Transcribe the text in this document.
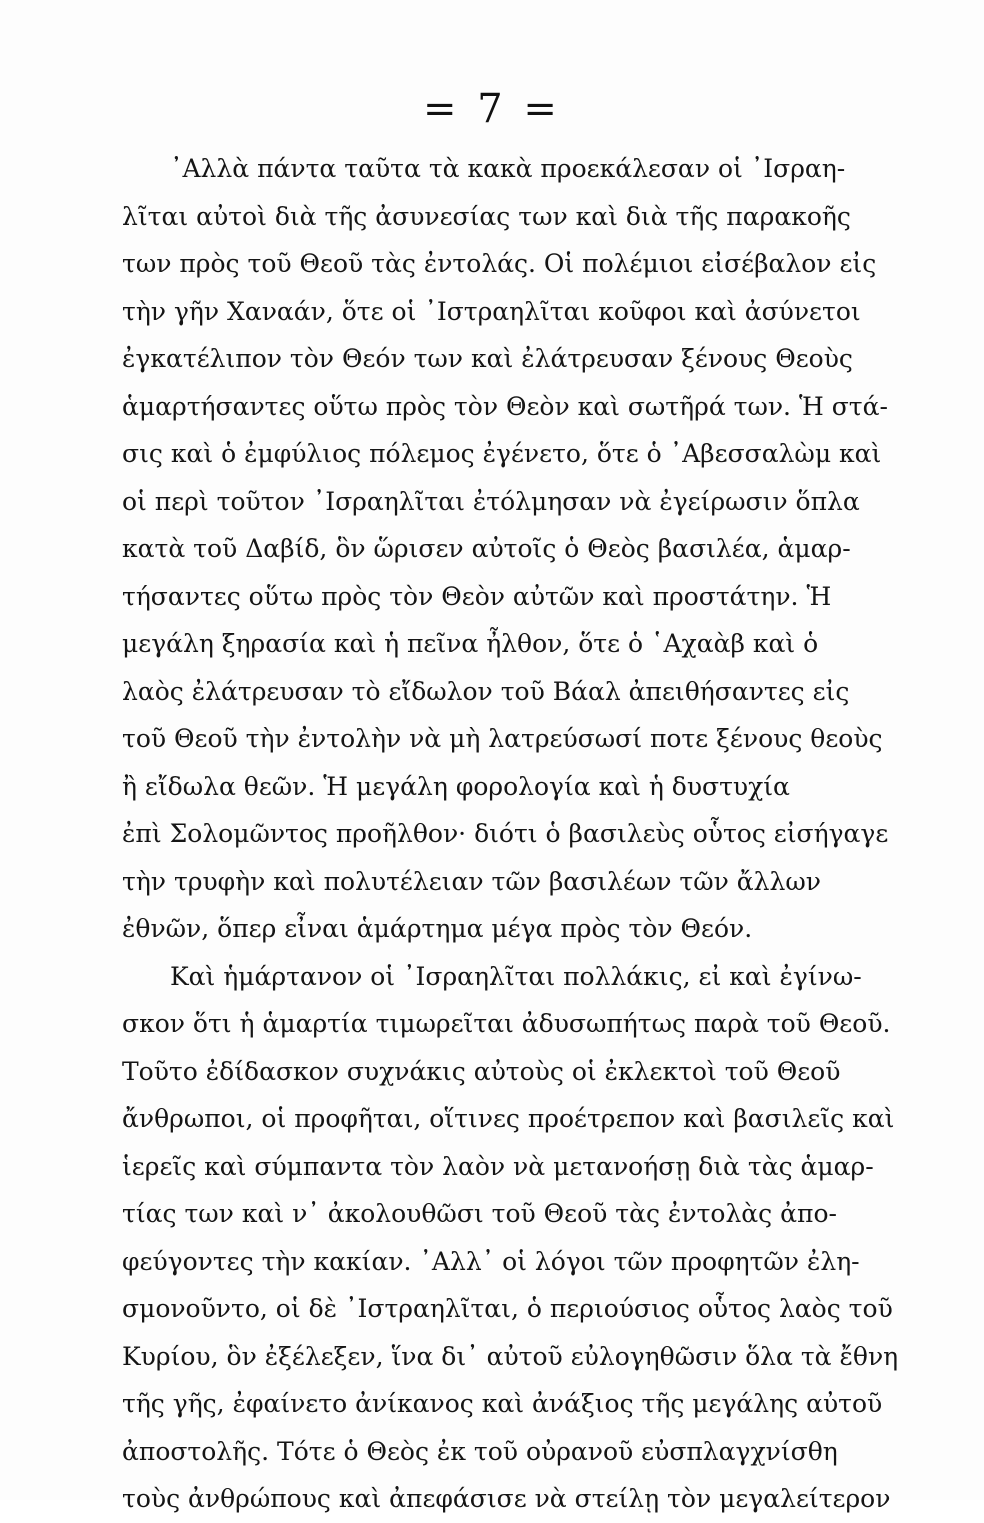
= 7 =
᾿Αλλὰ πάντα ταῦτα τὰ κακὰ προεκάλεσαν οἱ ᾿Ισραη-
λῖται αὐτοὶ διὰ τῆς ἀσυνεσίας των καὶ διὰ τῆς παρακοῆς
των πρὸς τοῦ Θεοῦ τὰς ἐντολάς. Οἱ πολέμιοι εἰσέβαλον εἰς
τὴν γῆν Χαναάν, ὅτε οἱ ᾿Ιστραηλῖται κοῦφοι καὶ ἀσύνετοι
ἐγκατέλιπον τὸν Θεόν των καὶ ἐλάτρευσαν ξένους Θεοὺς
ἁμαρτήσαντες οὕτω πρὸς τὸν Θεὸν καὶ σωτῆρά των. Ἡ στά-
σις καὶ ὁ ἐμφύλιος πόλεμος ἐγένετο, ὅτε ὁ ᾿Αβεσσαλὼμ καὶ
οἱ περὶ τοῦτον ᾿Ισραηλῖται ἐτόλμησαν νὰ ἐγείρωσιν ὅπλα
κατὰ τοῦ Δαβίδ, ὃν ὥρισεν αὐτοῖς ὁ Θεὸς βασιλέα, ἁμαρ-
τήσαντες οὕτω πρὸς τὸν Θεὸν αὐτῶν καὶ προστάτην. Ἡ
μεγάλη ξηρασία καὶ ἡ πεῖνα ἦλθον, ὅτε ὁ ῾Αχαὰβ καὶ ὁ
λαὸς ἐλάτρευσαν τὸ εἴδωλον τοῦ Βάαλ ἀπειθήσαντες εἰς
τοῦ Θεοῦ τὴν ἐντολὴν νὰ μὴ λατρεύσωσί ποτε ξένους θεοὺς
ἢ εἴδωλα θεῶν. Ἡ μεγάλη φορολογία καὶ ἡ δυστυχία
ἐπὶ Σολομῶντος προῆλθον· διότι ὁ βασιλεὺς οὗτος εἰσήγαγε
τὴν τρυφὴν καὶ πολυτέλειαν τῶν βασιλέων τῶν ἄλλων
ἐθνῶν, ὅπερ εἶναι ἁμάρτημα μέγα πρὸς τὸν Θεόν.
Καὶ ἡμάρτανον οἱ ᾿Ισραηλῖται πολλάκις, εἰ καὶ ἐγίνω-
σκον ὅτι ἡ ἁμαρτία τιμωρεῖται ἀδυσωπήτως παρὰ τοῦ Θεοῦ.
Τοῦτο ἐδίδασκον συχνάκις αὐτοὺς οἱ ἐκλεκτοὶ τοῦ Θεοῦ
ἄνθρωποι, οἱ προφῆται, οἵτινες προέτρεπον καὶ βασιλεῖς καὶ
ἱερεῖς καὶ σύμπαντα τὸν λαὸν νὰ μετανοήσῃ διὰ τὰς ἁμαρ-
τίας των καὶ ν᾿ ἀκολουθῶσι τοῦ Θεοῦ τὰς ἐντολὰς ἀπο-
φεύγοντες τὴν κακίαν. ᾿Αλλ᾿ οἱ λόγοι τῶν προφητῶν ἐλη-
σμονοῦντο, οἱ δὲ ᾿Ιστραηλῖται, ὁ περιούσιος οὗτος λαὸς τοῦ
Κυρίου, ὃν ἐξέλεξεν, ἵνα δι᾿ αὐτοῦ εὐλογηθῶσιν ὅλα τὰ ἔθνη
τῆς γῆς, ἐφαίνετο ἀνίκανος καὶ ἀνάξιος τῆς μεγάλης αὐτοῦ
ἀποστολῆς. Τότε ὁ Θεὸς ἐκ τοῦ οὐρανοῦ εὐσπλαγχνίσθη
τοὺς ἀνθρώπους καὶ ἀπεφάσισε νὰ στείλῃ τὸν μεγαλείτερον
